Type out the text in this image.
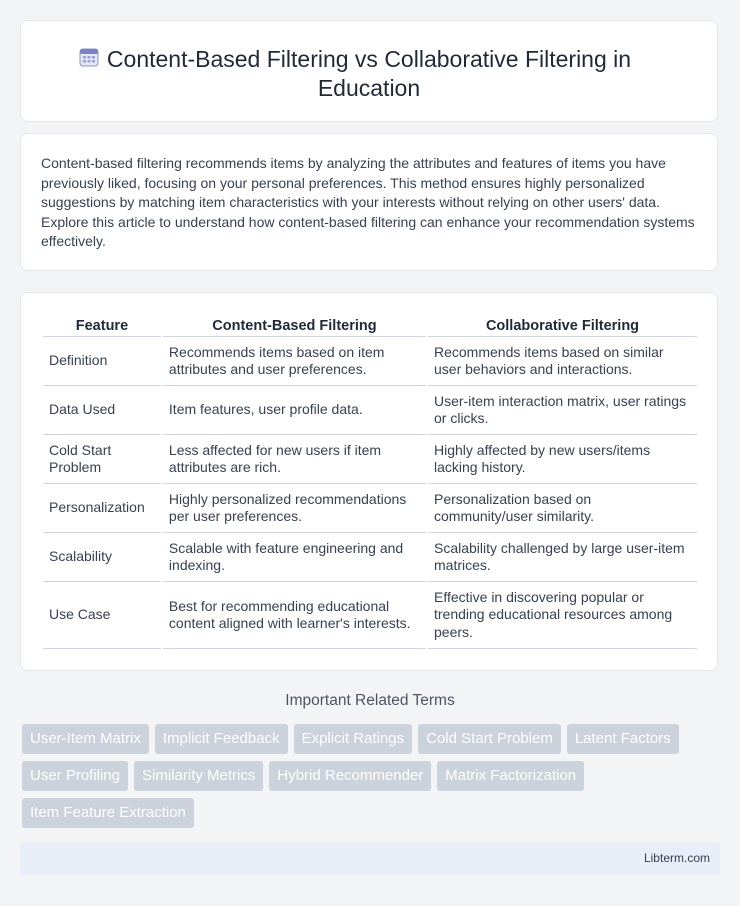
Content-Based Filtering vs Collaborative Filtering in Education

Content-based filtering recommends items by analyzing the attributes and features of items you have previously liked, focusing on your personal preferences. This method ensures highly personalized suggestions by matching item characteristics with your interests without relying on other users' data. Explore this article to understand how content-based filtering can enhance your recommendation systems effectively.

Feature	Content-Based Filtering	Collaborative Filtering
Definition	Recommends items based on item attributes and user preferences.	Recommends items based on similar user behaviors and interactions.
Data Used	Item features, user profile data.	User-item interaction matrix, user ratings or clicks.
Cold Start Problem	Less affected for new users if item attributes are rich.	Highly affected by new users/items lacking history.
Personalization	Highly personalized recommendations per user preferences.	Personalization based on community/user similarity.
Scalability	Scalable with feature engineering and indexing.	Scalability challenged by large user-item matrices.
Use Case	Best for recommending educational content aligned with learner's interests.	Effective in discovering popular or trending educational resources among peers.
Important Related Terms
User-Item Matrix	Implicit Feedback	Explicit Ratings	Cold Start Problem	Latent Factors
User Profiling	Similarity Metrics	Hybrid Recommender	Matrix Factorization
Item Feature Extraction
Libterm.com
